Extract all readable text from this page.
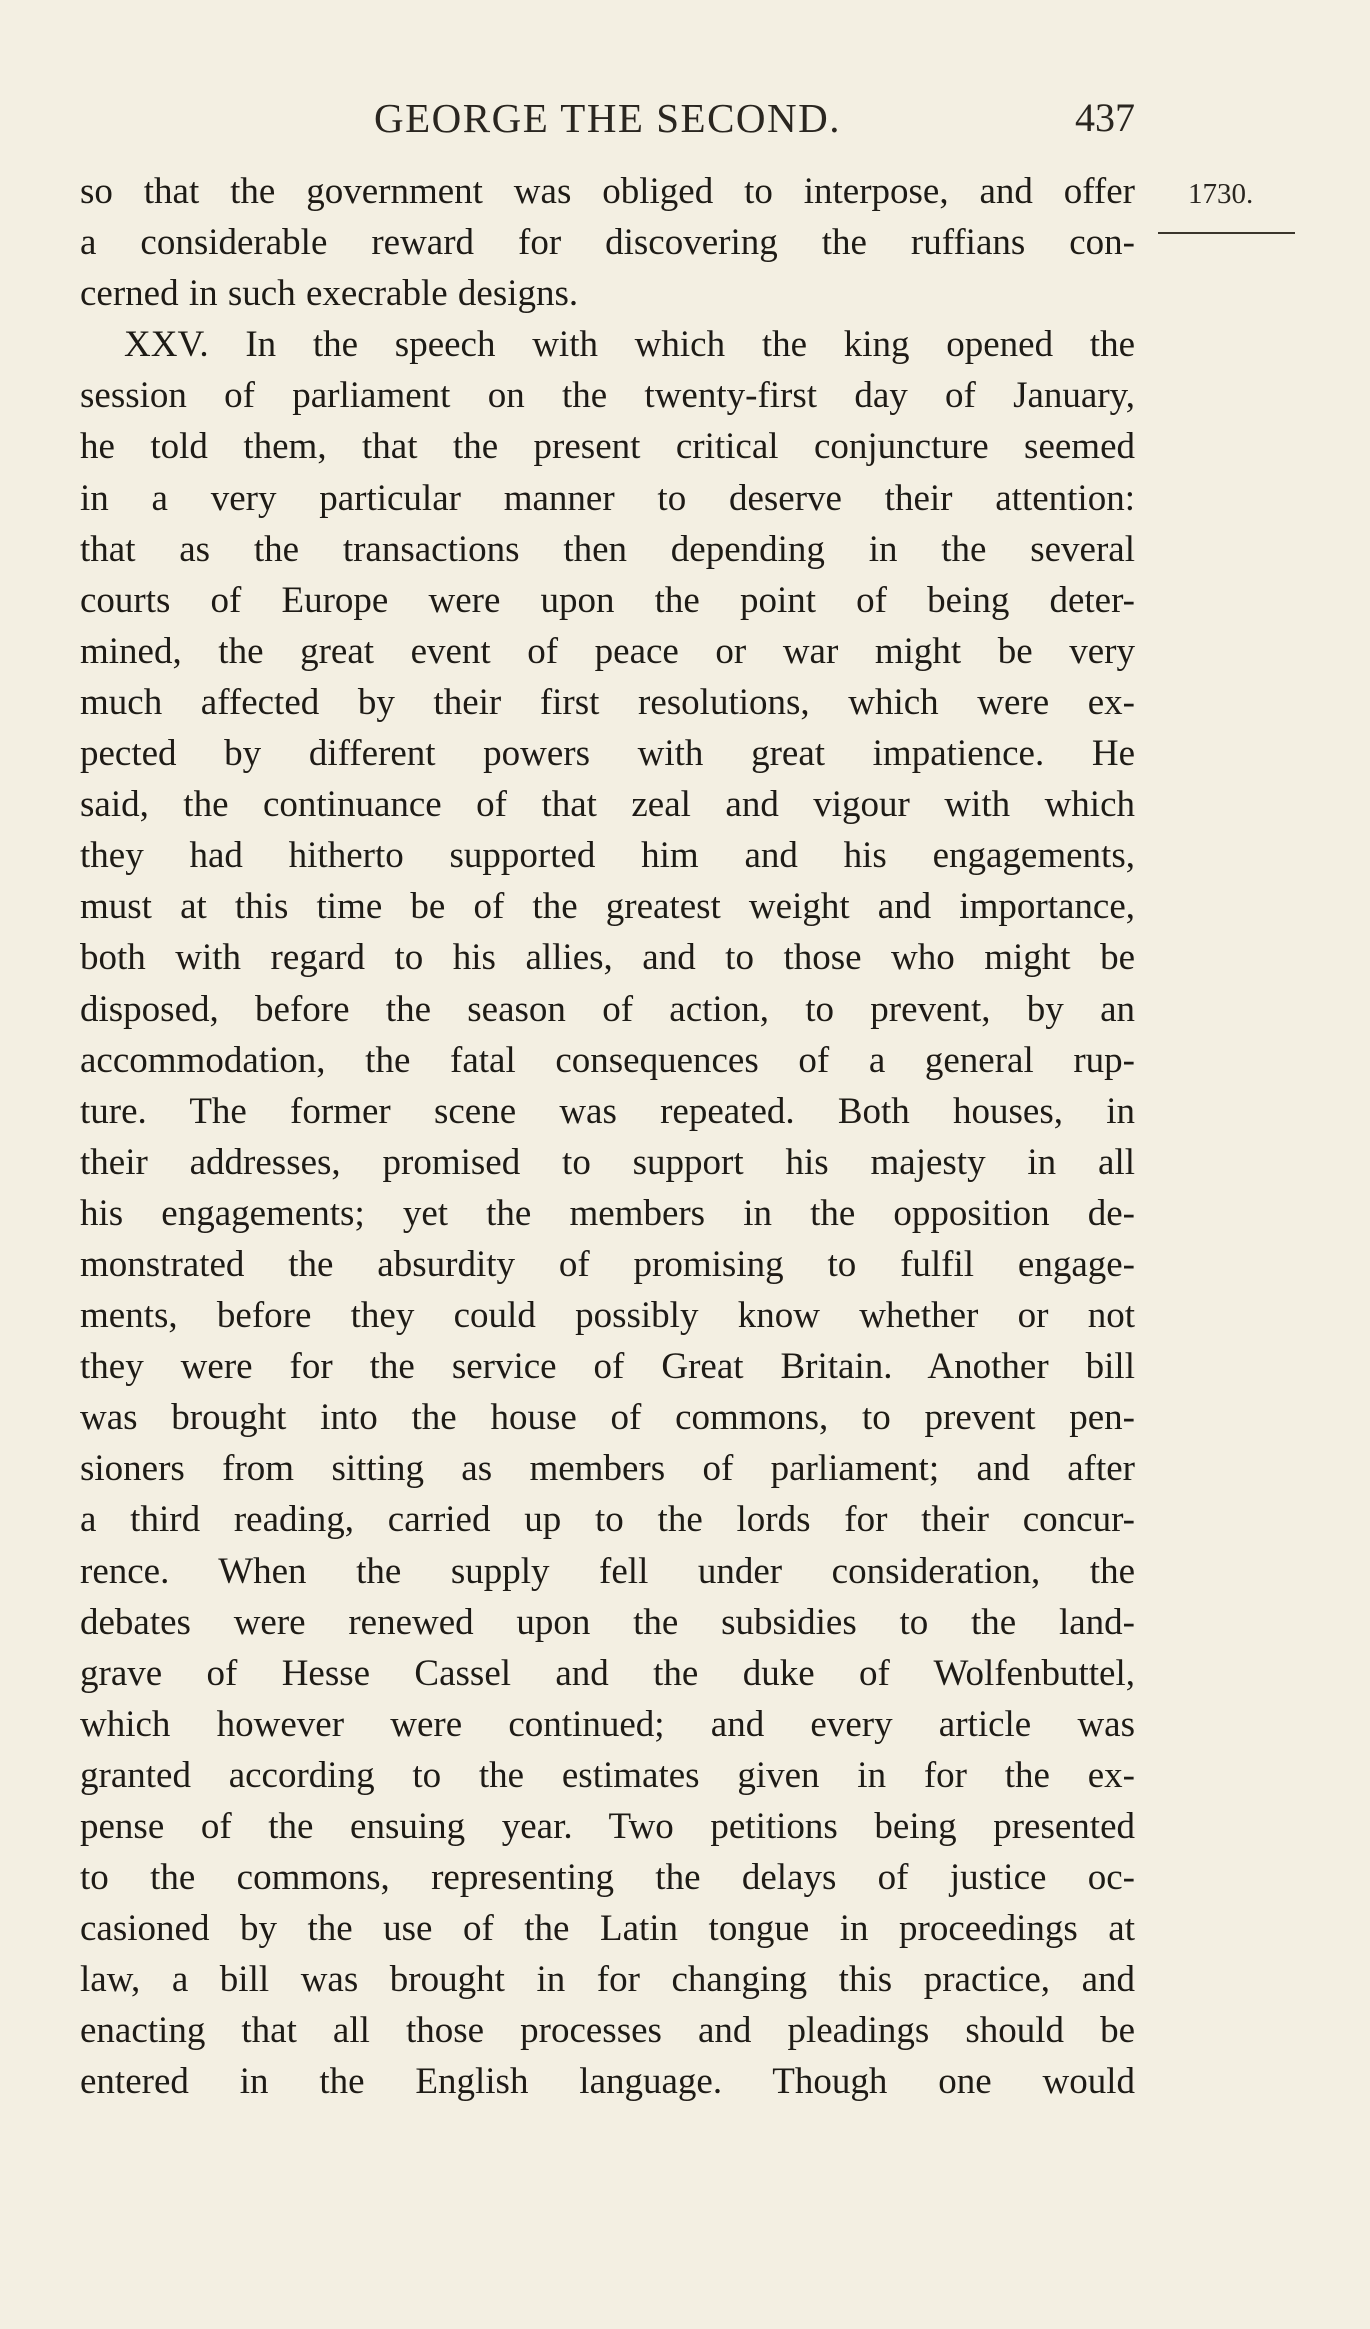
GEORGE THE SECOND.	437
1730.
so that the government was obliged to interpose, and offer
a considerable reward for discovering the ruffians con-
cerned in such execrable designs.
XXV. In the speech with which the king opened the
session of parliament on the twenty-first day of January,
he told them, that the present critical conjuncture seemed
in a very particular manner to deserve their attention:
that as the transactions then depending in the several
courts of Europe were upon the point of being deter-
mined, the great event of peace or war might be very
much affected by their first resolutions, which were ex-
pected by different powers with great impatience. He
said, the continuance of that zeal and vigour with which
they had hitherto supported him and his engagements,
must at this time be of the greatest weight and importance,
both with regard to his allies, and to those who might be
disposed, before the season of action, to prevent, by an
accommodation, the fatal consequences of a general rup-
ture. The former scene was repeated. Both houses, in
their addresses, promised to support his majesty in all
his engagements; yet the members in the opposition de-
monstrated the absurdity of promising to fulfil engage-
ments, before they could possibly know whether or not
they were for the service of Great Britain. Another bill
was brought into the house of commons, to prevent pen-
sioners from sitting as members of parliament; and after
a third reading, carried up to the lords for their concur-
rence. When the supply fell under consideration, the
debates were renewed upon the subsidies to the land-
grave of Hesse Cassel and the duke of Wolfenbuttel,
which however were continued; and every article was
granted according to the estimates given in for the ex-
pense of the ensuing year. Two petitions being presented
to the commons, representing the delays of justice oc-
casioned by the use of the Latin tongue in proceedings at
law, a bill was brought in for changing this practice, and
enacting that all those processes and pleadings should be
entered in the English language. Though one would
